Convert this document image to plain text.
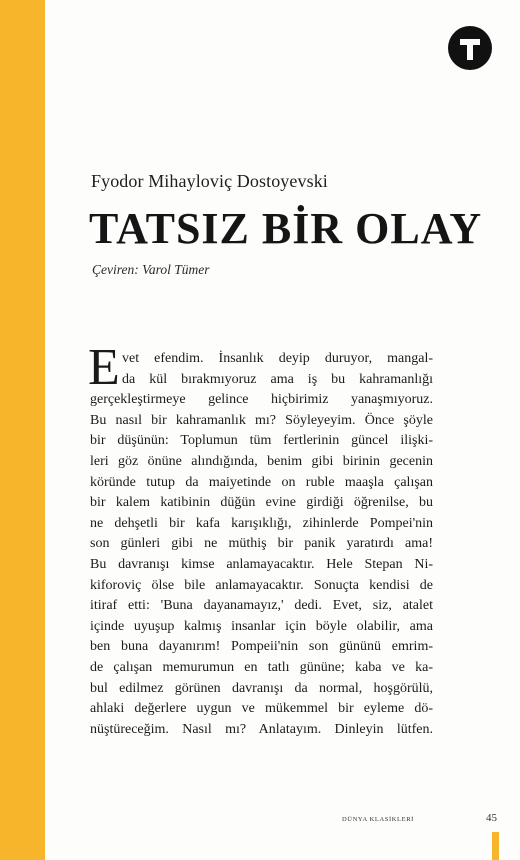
Fyodor Mihayloviç Dostoyevski
TATSIZ BİR OLAY
Çeviren: Varol Tümer
E vet efendim. İnsanlık deyip duruyor, mangal-
da kül bırakmıyoruz ama iş bu kahramanlığı
gerçekleştirmeye gelince hiçbirimiz yanaşmıyoruz.
Bu nasıl bir kahramanlık mı? Söyleyeyim. Önce şöyle
bir düşünün: Toplumun tüm fertlerinin güncel ilişki-
leri göz önüne alındığında, benim gibi birinin gecenin
köründe tutup da maiyetinde on ruble maaşla çalışan
bir kalem katibinin düğün evine girdiği öğrenilse, bu
ne dehşetli bir kafa karışıklığı, zihinlerde Pompei'nin
son günleri gibi ne müthiş bir panik yaratırdı ama!
Bu davranışı kimse anlamayacaktır. Hele Stepan Ni-
kiforoviç ölse bile anlamayacaktır. Sonuçta kendisi de
itiraf etti: 'Buna dayanamayız,' dedi. Evet, siz, atalet
içinde uyuşup kalmış insanlar için böyle olabilir, ama
ben buna dayanırım! Pompeii'nin son gününü emrim-
de çalışan memurumun en tatlı gününe; kaba ve ka-
bul edilmez görünen davranışı da normal, hoşgörülü,
ahlaki değerlere uygun ve mükemmel bir eyleme dö-
nüştüreceğim. Nasıl mı? Anlatayım. Dinleyin lütfen.
DÜNYA KLASİKLERİ	45
